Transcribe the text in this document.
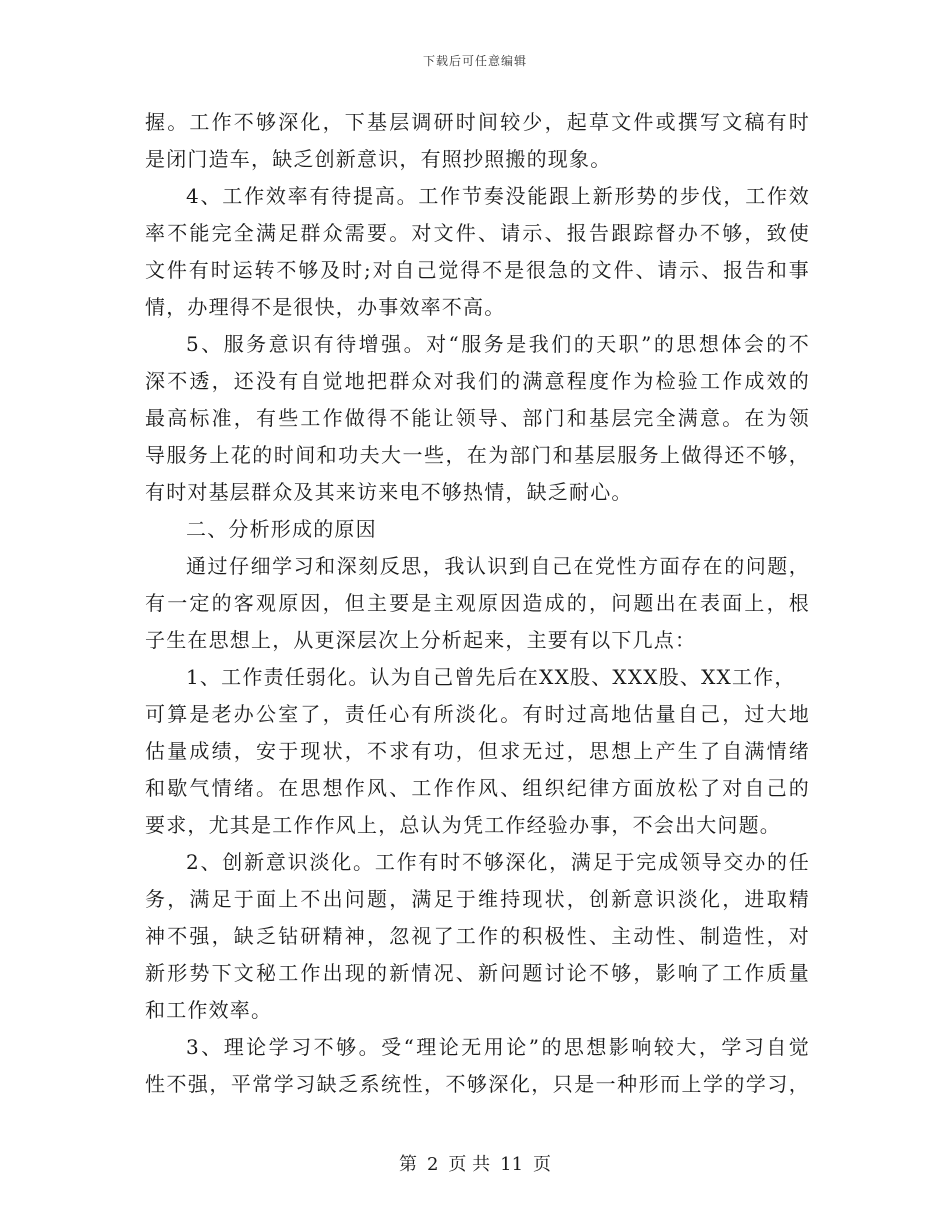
下载后可任意编辑
握。工作不够深化，下基层调研时间较少，起草文件或撰写文稿有时
是闭门造车，缺乏创新意识，有照抄照搬的现象。
4、工作效率有待提高。工作节奏没能跟上新形势的步伐，工作效
率不能完全满足群众需要。对文件、请示、报告跟踪督办不够，致使
文件有时运转不够及时;对自己觉得不是很急的文件、请示、报告和事
情，办理得不是很快，办事效率不高。
5、服务意识有待增强。对“服务是我们的天职”的思想体会的不
深不透，还没有自觉地把群众对我们的满意程度作为检验工作成效的
最高标准，有些工作做得不能让领导、部门和基层完全满意。在为领
导服务上花的时间和功夫大一些，在为部门和基层服务上做得还不够，
有时对基层群众及其来访来电不够热情，缺乏耐心。
二、分析形成的原因
通过仔细学习和深刻反思，我认识到自己在党性方面存在的问题，
有一定的客观原因，但主要是主观原因造成的，问题出在表面上，根
子生在思想上，从更深层次上分析起来，主要有以下几点：
1、工作责任弱化。认为自己曾先后在XX股、XXX股、XX工作，
可算是老办公室了，责任心有所淡化。有时过高地估量自己，过大地
估量成绩，安于现状，不求有功，但求无过，思想上产生了自满情绪
和歇气情绪。在思想作风、工作作风、组织纪律方面放松了对自己的
要求，尤其是工作作风上，总认为凭工作经验办事，不会出大问题。
2、创新意识淡化。工作有时不够深化，满足于完成领导交办的任
务，满足于面上不出问题，满足于维持现状，创新意识淡化，进取精
神不强，缺乏钻研精神，忽视了工作的积极性、主动性、制造性，对
新形势下文秘工作出现的新情况、新问题讨论不够，影响了工作质量
和工作效率。
3、理论学习不够。受“理论无用论”的思想影响较大，学习自觉
性不强，平常学习缺乏系统性，不够深化，只是一种形而上学的学习，
第 2 页 共 11 页
